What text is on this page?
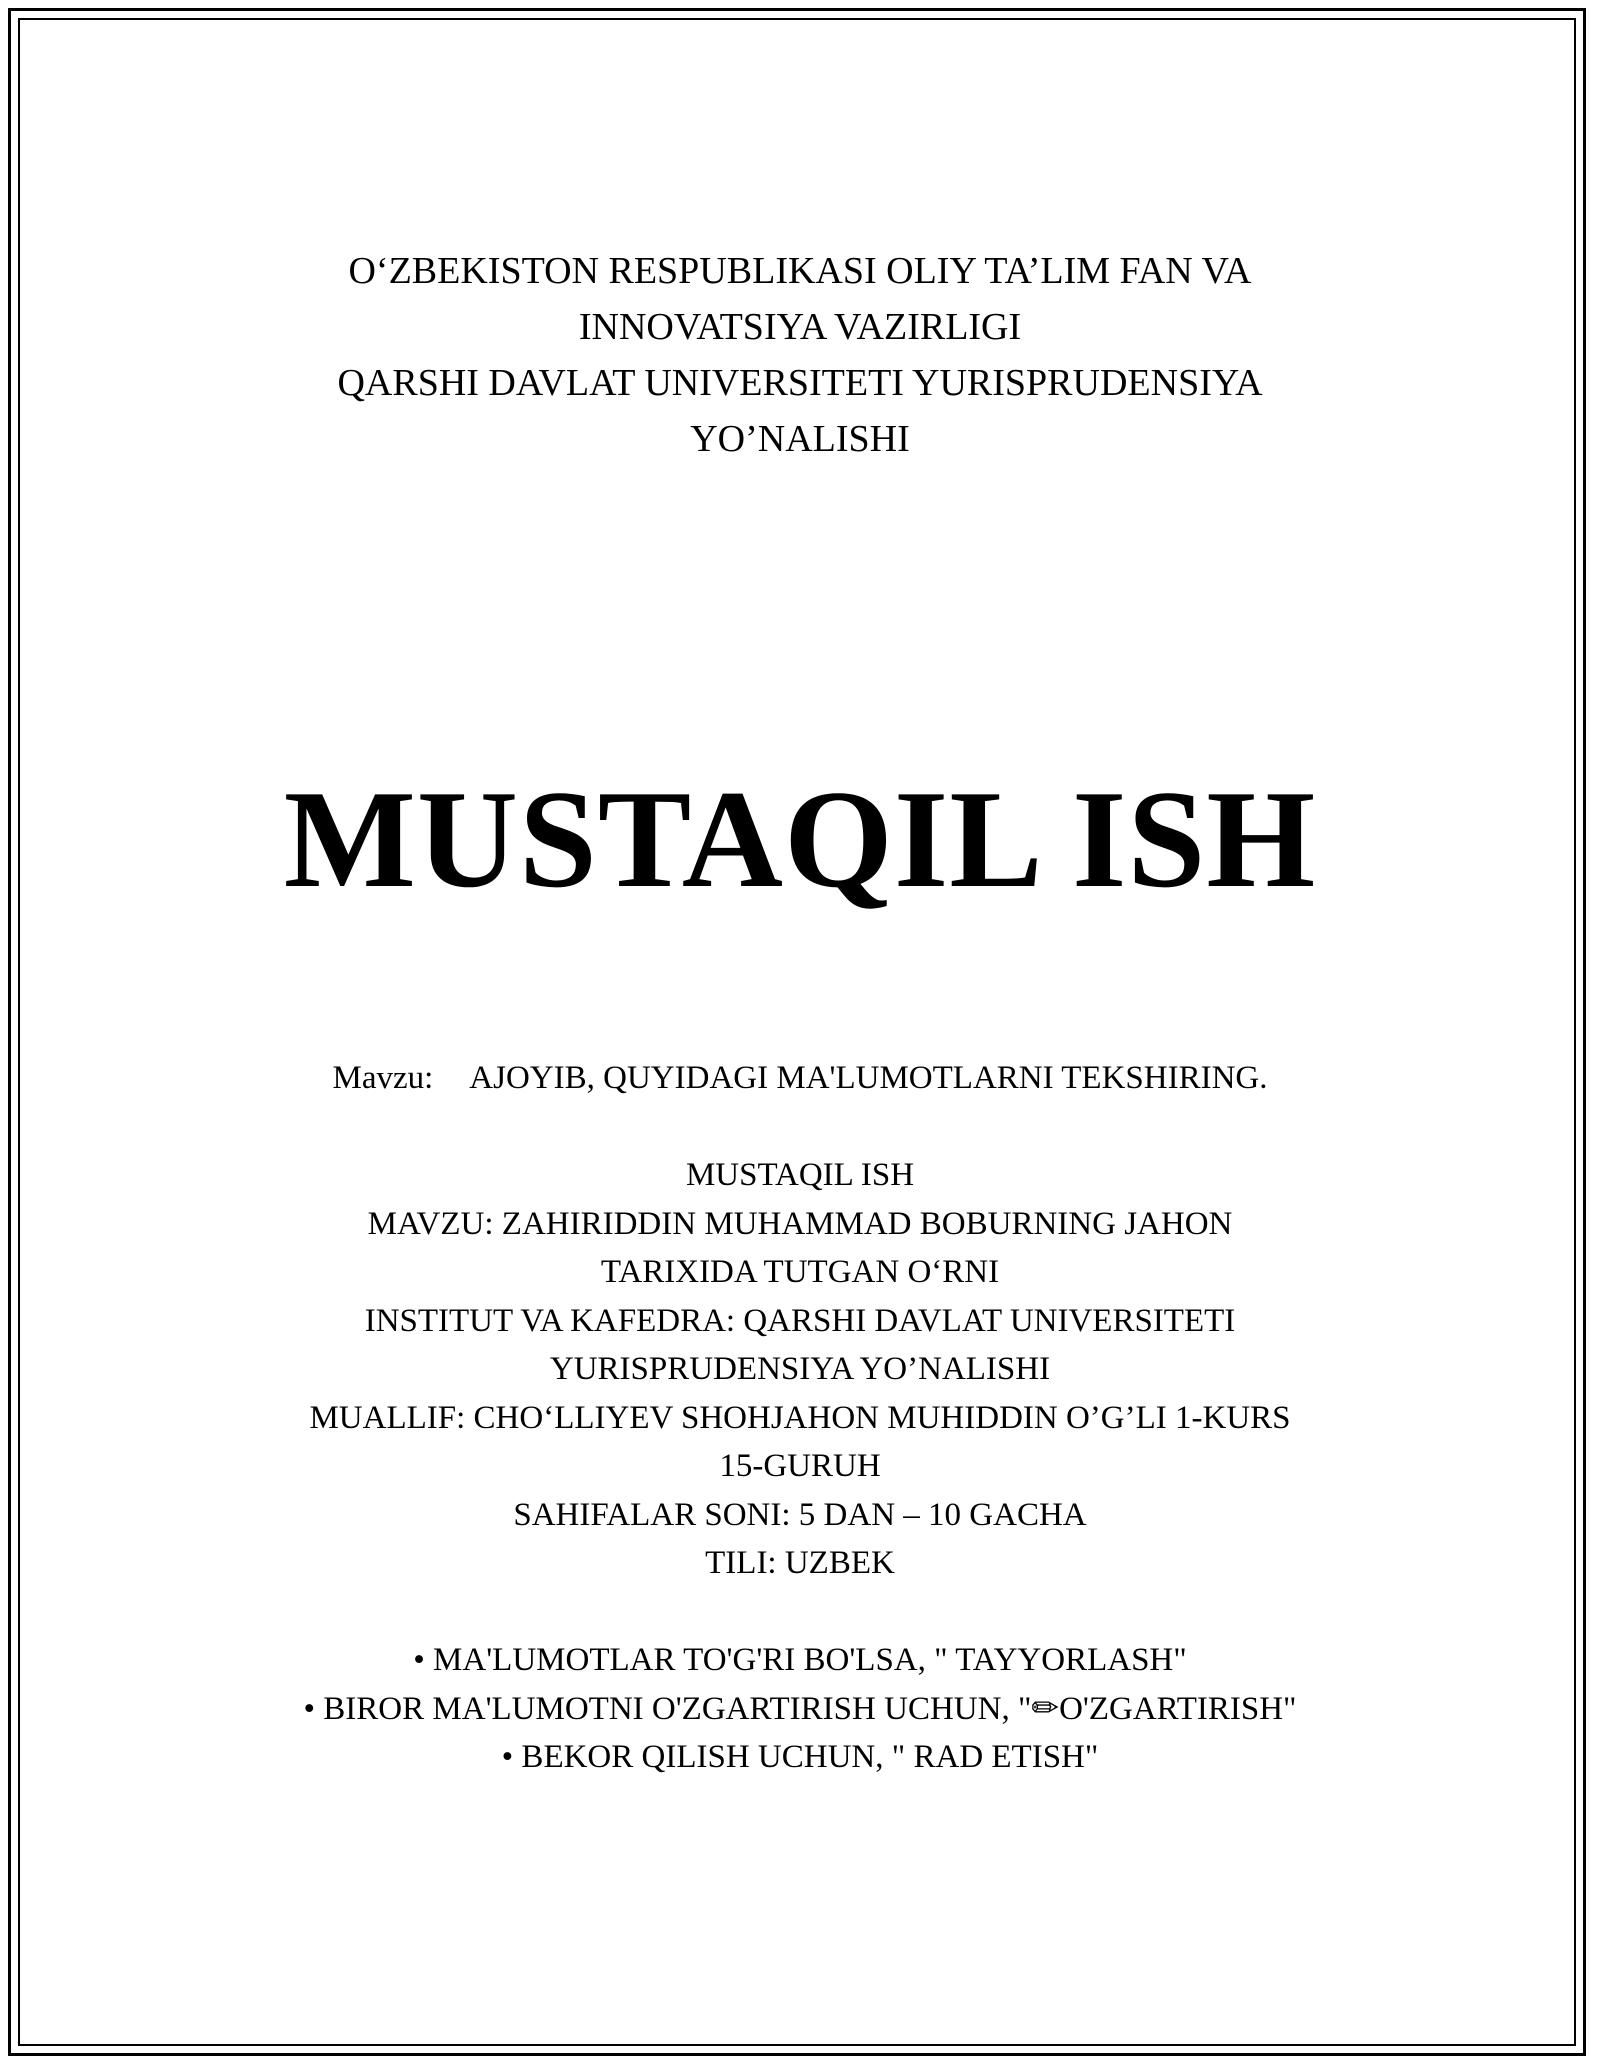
O‘ZBEKISTON RESPUBLIKASI OLIY TA’LIM FAN VA
INNOVATSIYA VAZIRLIGI
QARSHI DAVLAT UNIVERSITETI YURISPRUDENSIYA
YO’NALISHI
MUSTAQIL ISH
Mavzu: AJOYIB, QUYIDAGI MA'LUMOTLARNI TEKSHIRING.
MUSTAQIL ISH
MAVZU: ZAHIRIDDIN MUHAMMAD BOBURNING JAHON
TARIXIDA TUTGAN O‘RNI
INSTITUT VA KAFEDRA: QARSHI DAVLAT UNIVERSITETI
YURISPRUDENSIYA YO’NALISHI
MUALLIF: CHO‘LLIYEV SHOHJAHON MUHIDDIN O’G’LI 1-KURS
15-GURUH
SAHIFALAR SONI: 5 DAN – 10 GACHA
TILI: UZBEK
• MA'LUMOTLAR TO'G'RI BO'LSA, " TAYYORLASH"
• BIROR MA'LUMOTNI O'ZGARTIRISH UCHUN, "✏O'ZGARTIRISH"
• BEKOR QILISH UCHUN, " RAD ETISH"
